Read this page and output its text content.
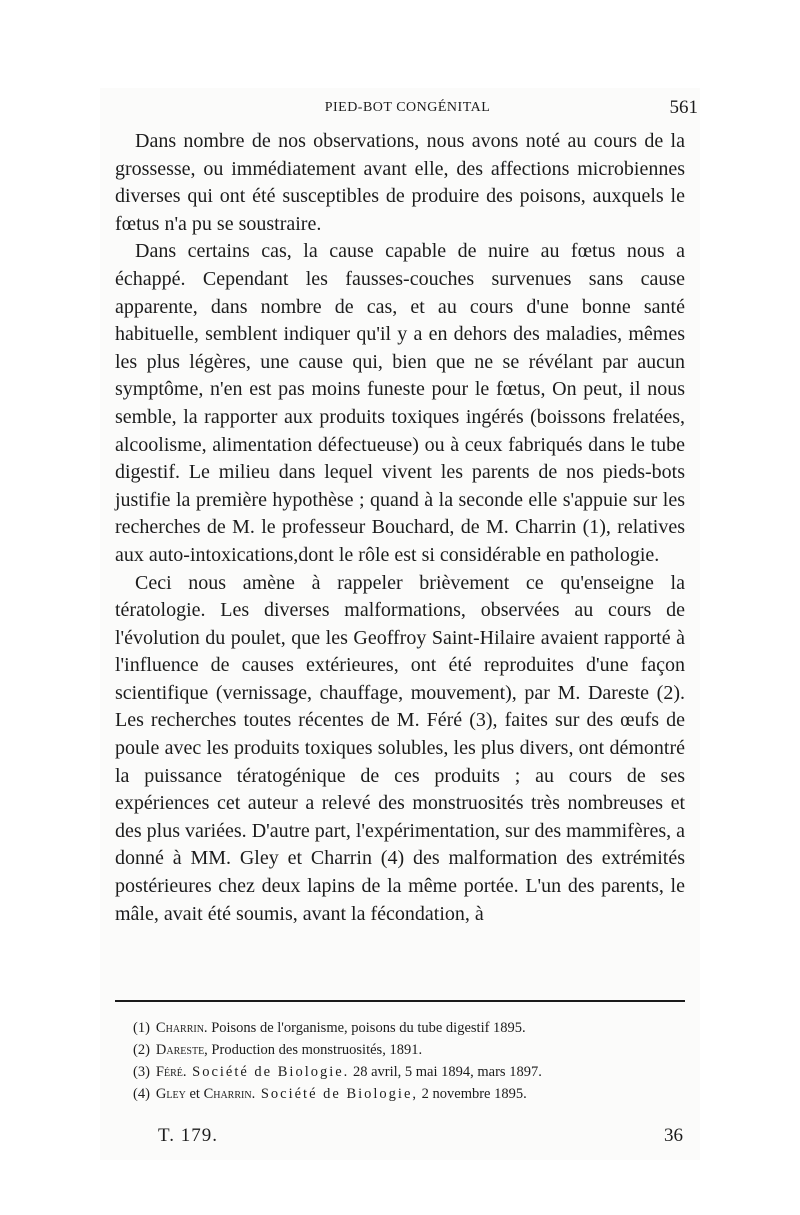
PIED-BOT CONGÉNITAL	561

Dans nombre de nos observations, nous avons noté au cours de la grossesse, ou immédiatement avant elle, des affections microbiennes diverses qui ont été susceptibles de produire des poisons, auxquels le fœtus n'a pu se soustraire.

Dans certains cas, la cause capable de nuire au fœtus nous a échappé. Cependant les fausses-couches survenues sans cause apparente, dans nombre de cas, et au cours d'une bonne santé habituelle, semblent indiquer qu'il y a en dehors des maladies, mêmes les plus légères, une cause qui, bien que ne se révélant par aucun symptôme, n'en est pas moins funeste pour le fœtus, On peut, il nous semble, la rapporter aux produits toxiques ingérés (boissons frelatées, alcoolisme, alimentation défectueuse) ou à ceux fabriqués dans le tube digestif. Le milieu dans lequel vivent les parents de nos pieds-bots justifie la première hypothèse ; quand à la seconde elle s'appuie sur les recherches de M. le professeur Bouchard, de M. Charrin (1), relatives aux auto-intoxications,dont le rôle est si considérable en pathologie.

Ceci nous amène à rappeler brièvement ce qu'enseigne la tératologie. Les diverses malformations, observées au cours de l'évolution du poulet, que les Geoffroy Saint-Hilaire avaient rapporté à l'influence de causes extérieures, ont été reproduites d'une façon scientifique (vernissage, chauffage, mouvement), par M. Dareste (2). Les recherches toutes récentes de M. Féré (3), faites sur des œufs de poule avec les produits toxiques solubles, les plus divers, ont démontré la puissance tératogénique de ces produits ; au cours de ses expériences cet auteur a relevé des monstruosités très nombreuses et des plus variées. D'autre part, l'expérimentation, sur des mammifères, a donné à MM. Gley et Charrin (4) des malformation des extrémités postérieures chez deux lapins de la même portée. L'un des parents, le mâle, avait été soumis, avant la fécondation, à

(1) Charrin. Poisons de l'organisme, poisons du tube digestif 1895.
(2) Dareste, Production des monstruosités, 1891.
(3) Féré. Société de Biologie. 28 avril, 5 mai 1894, mars 1897.
(4) Gley et Charrin. Société de Biologie, 2 novembre 1895.
T. 179.	36
